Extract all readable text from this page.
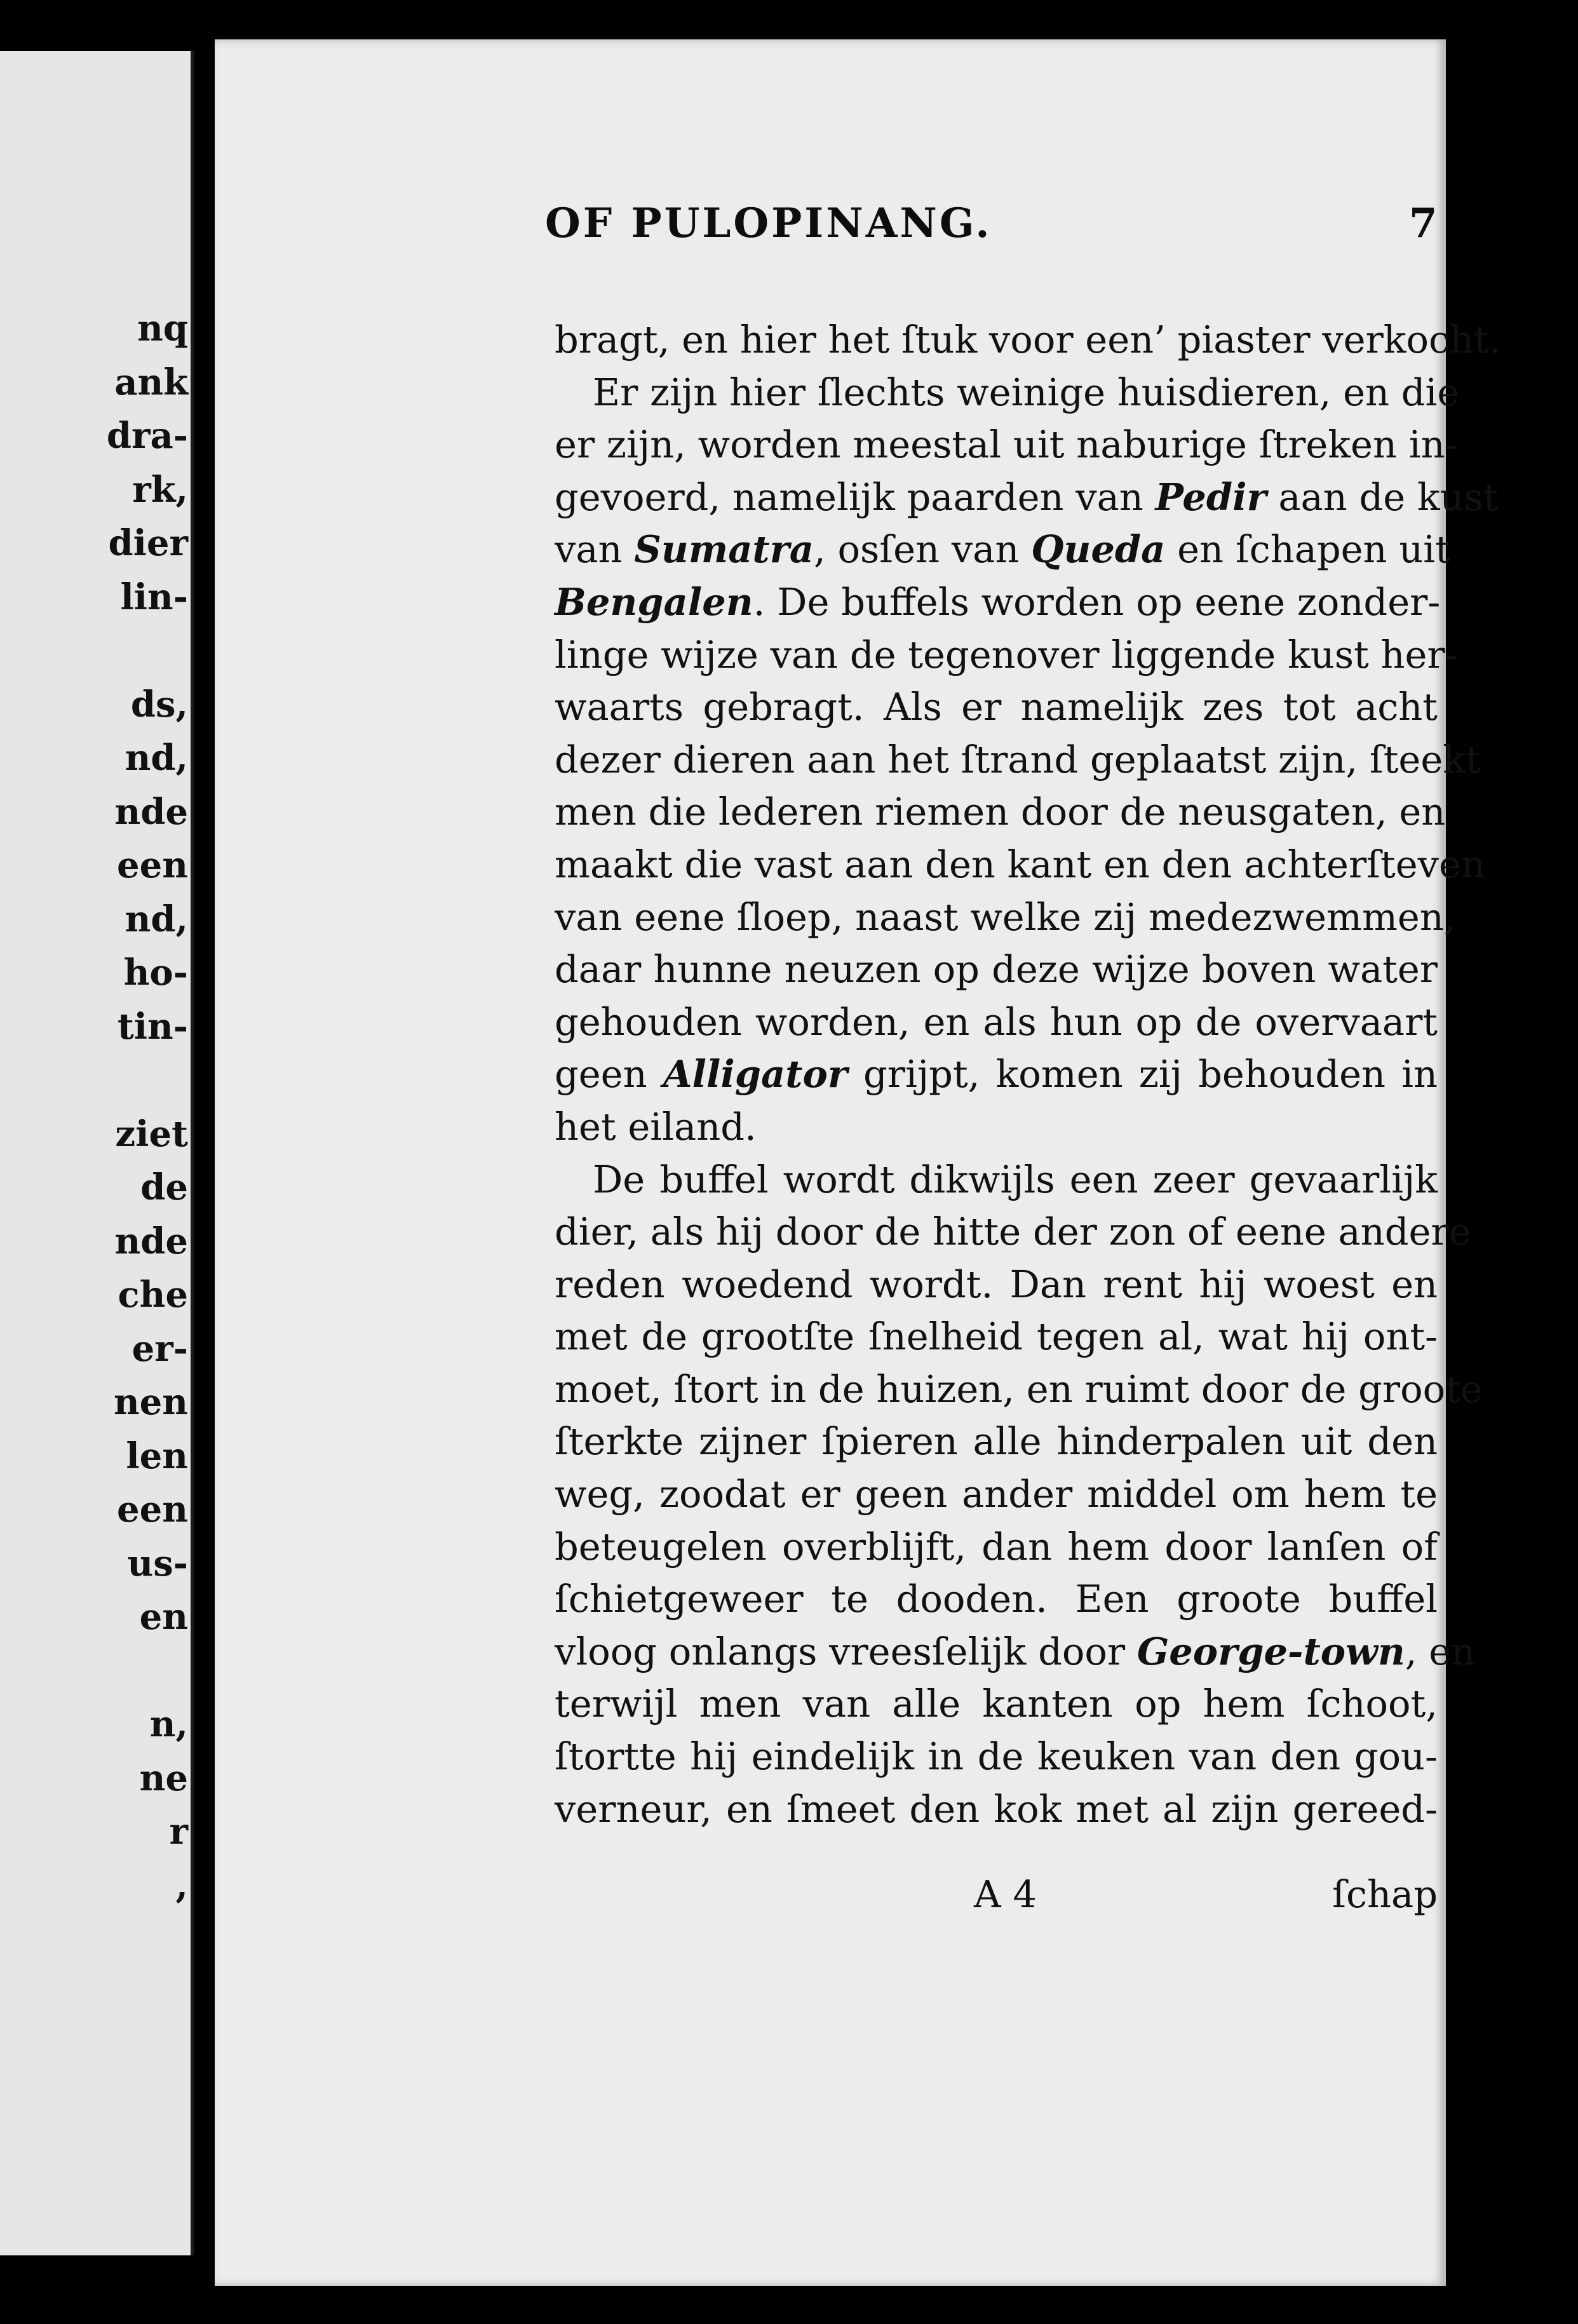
nq
ank
dra-
rk,
dier
lin-

ds,
nd,
nde
een
nd,
ho-
tin-

ziet
de
nde
che
er-
nen
len
een
us-
en

n,
ne
r
,
OF PULOPINANG.	7
bragt, en hier het ſtuk voor een’ piaster verkocht.
Er zijn hier ſlechts weinige huisdieren, en die
er zijn, worden meestal uit naburige ſtreken in-
gevoerd, namelijk paarden van Pedir aan de kust
van Sumatra, osſen van Queda en ſchapen uit
Bengalen. De buffels worden op eene zonder-
linge wijze van de tegenover liggende kust her-
waarts gebragt. Als er namelijk zes tot acht
dezer dieren aan het ſtrand geplaatst zijn, ſteekt
men die lederen riemen door de neusgaten, en
maakt die vast aan den kant en den achterſteven
van eene ſloep, naast welke zij medezwemmen,
daar hunne neuzen op deze wijze boven water
gehouden worden, en als hun op de overvaart
geen Alligator grijpt, komen zij behouden in
het eiland.
De buffel wordt dikwijls een zeer gevaarlijk
dier, als hij door de hitte der zon of eene andere
reden woedend wordt. Dan rent hij woest en
met de grootſte ſnelheid tegen al, wat hij ont-
moet, ſtort in de huizen, en ruimt door de groote
ſterkte zijner ſpieren alle hinderpalen uit den
weg, zoodat er geen ander middel om hem te
beteugelen overblijft, dan hem door lanſen of
ſchietgeweer te dooden. Een groote buffel
vloog onlangs vreesſelijk door George-town, en
terwijl men van alle kanten op hem ſchoot,
ſtortte hij eindelijk in de keuken van den gou-
verneur, en ſmeet den kok met al zijn gereed-
A 4	ſchap
